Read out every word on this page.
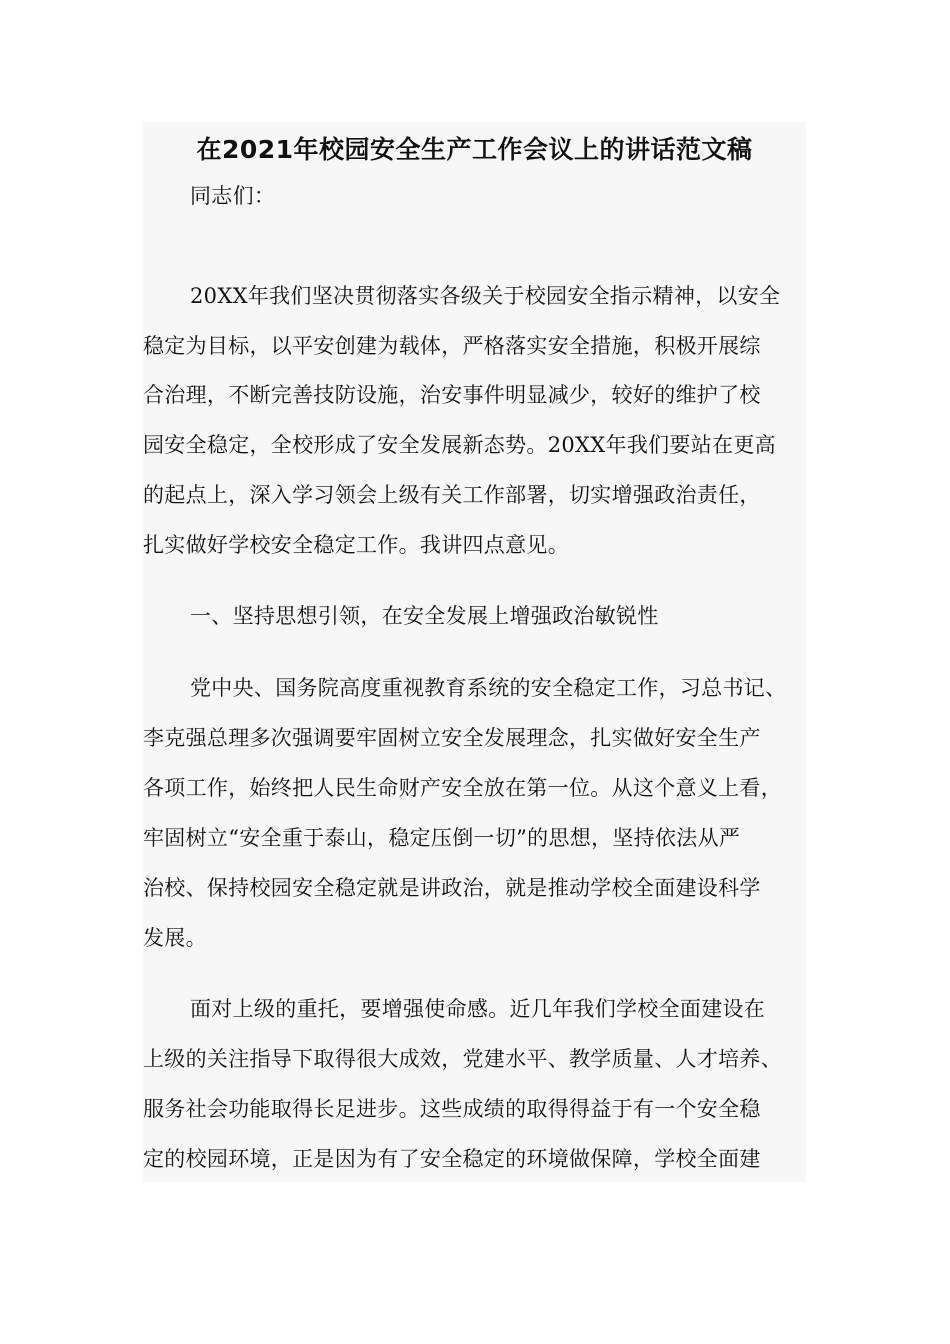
在2021年校园安全生产工作会议上的讲话范文稿

同志们：

20XX年我们坚决贯彻落实各级关于校园安全指示精神，以安全

稳定为目标，以平安创建为载体，严格落实安全措施，积极开展综

合治理，不断完善技防设施，治安事件明显减少，较好的维护了校

园安全稳定，全校形成了安全发展新态势。20XX年我们要站在更高

的起点上，深入学习领会上级有关工作部署，切实增强政治责任，

扎实做好学校安全稳定工作。我讲四点意见。

一、坚持思想引领，在安全发展上增强政治敏锐性

党中央、国务院高度重视教育系统的安全稳定工作，习总书记、

李克强总理多次强调要牢固树立安全发展理念，扎实做好安全生产

各项工作，始终把人民生命财产安全放在第一位。从这个意义上看，

牢固树立“安全重于泰山，稳定压倒一切”的思想，坚持依法从严

治校、保持校园安全稳定就是讲政治，就是推动学校全面建设科学

发展。

面对上级的重托，要增强使命感。近几年我们学校全面建设在

上级的关注指导下取得很大成效，党建水平、教学质量、人才培养、

服务社会功能取得长足进步。这些成绩的取得得益于有一个安全稳

定的校园环境，正是因为有了安全稳定的环境做保障，学校全面建
